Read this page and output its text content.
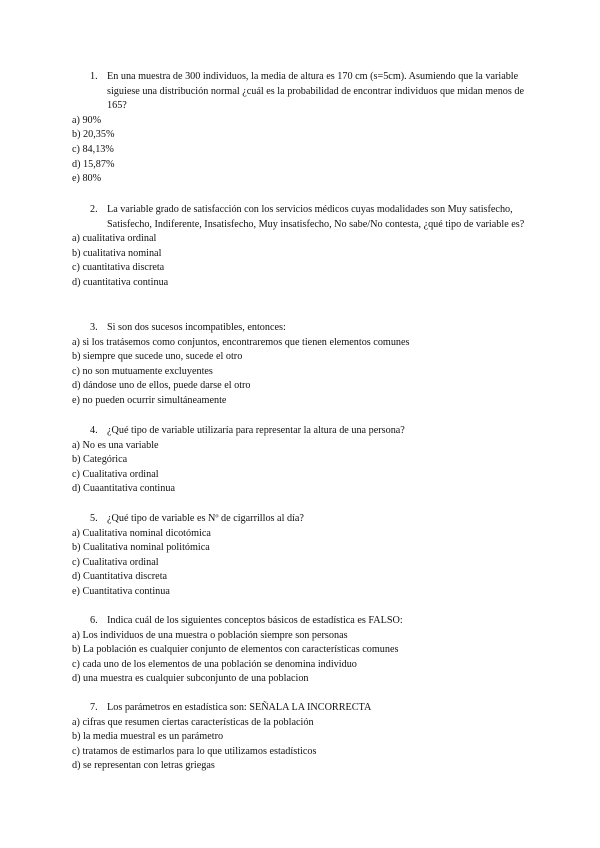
1. En una muestra de 300 individuos, la media de altura es 170 cm (s=5cm). Asumiendo que la variable siguiese una distribución normal ¿cuál es la probabilidad de encontrar individuos que midan menos de 165?

a) 90%

b) 20,35%

c) 84,13%

d) 15,87%

e) 80%

2. La variable grado de satisfacción con los servicios médicos cuyas modalidades son Muy satisfecho, Satisfecho, Indiferente, Insatisfecho, Muy insatisfecho, No sabe/No contesta, ¿qué tipo de variable es?

a) cualitativa ordinal

b) cualitativa nominal

c) cuantitativa discreta

d) cuantitativa continua

3. Si son dos sucesos incompatibles, entonces:

a) si los tratásemos como conjuntos, encontraremos que tienen elementos comunes

b) siempre que sucede uno, sucede el otro

c) no son mutuamente excluyentes

d) dándose uno de ellos, puede darse el otro

e) no pueden ocurrir simultáneamente

4. ¿Qué tipo de variable utilizaría para representar la altura de una persona?

a) No es una variable

b) Categórica

c) Cualitativa ordinal

d) Cuaantitativa continua

5. ¿Qué tipo de variable es Nº de cigarrillos al día?

a) Cualitativa nominal dicotómica

b) Cualitativa nominal politómica

c) Cualitativa ordinal

d) Cuantitativa discreta

e) Cuantitativa continua

6. Indica cuál de los siguientes conceptos básicos de estadística es FALSO:

a) Los individuos de una muestra o población siempre son personas

b) La población es cualquier conjunto de elementos con características comunes

c) cada uno de los elementos de una población se denomina individuo

d) una muestra es cualquier subconjunto de una poblacion

7. Los parámetros en estadística son: SEÑALA LA INCORRECTA

a) cifras que resumen ciertas características de la población

b) la media muestral es un parámetro

c) tratamos de estimarlos para lo que utilizamos estadísticos

d) se representan con letras griegas
